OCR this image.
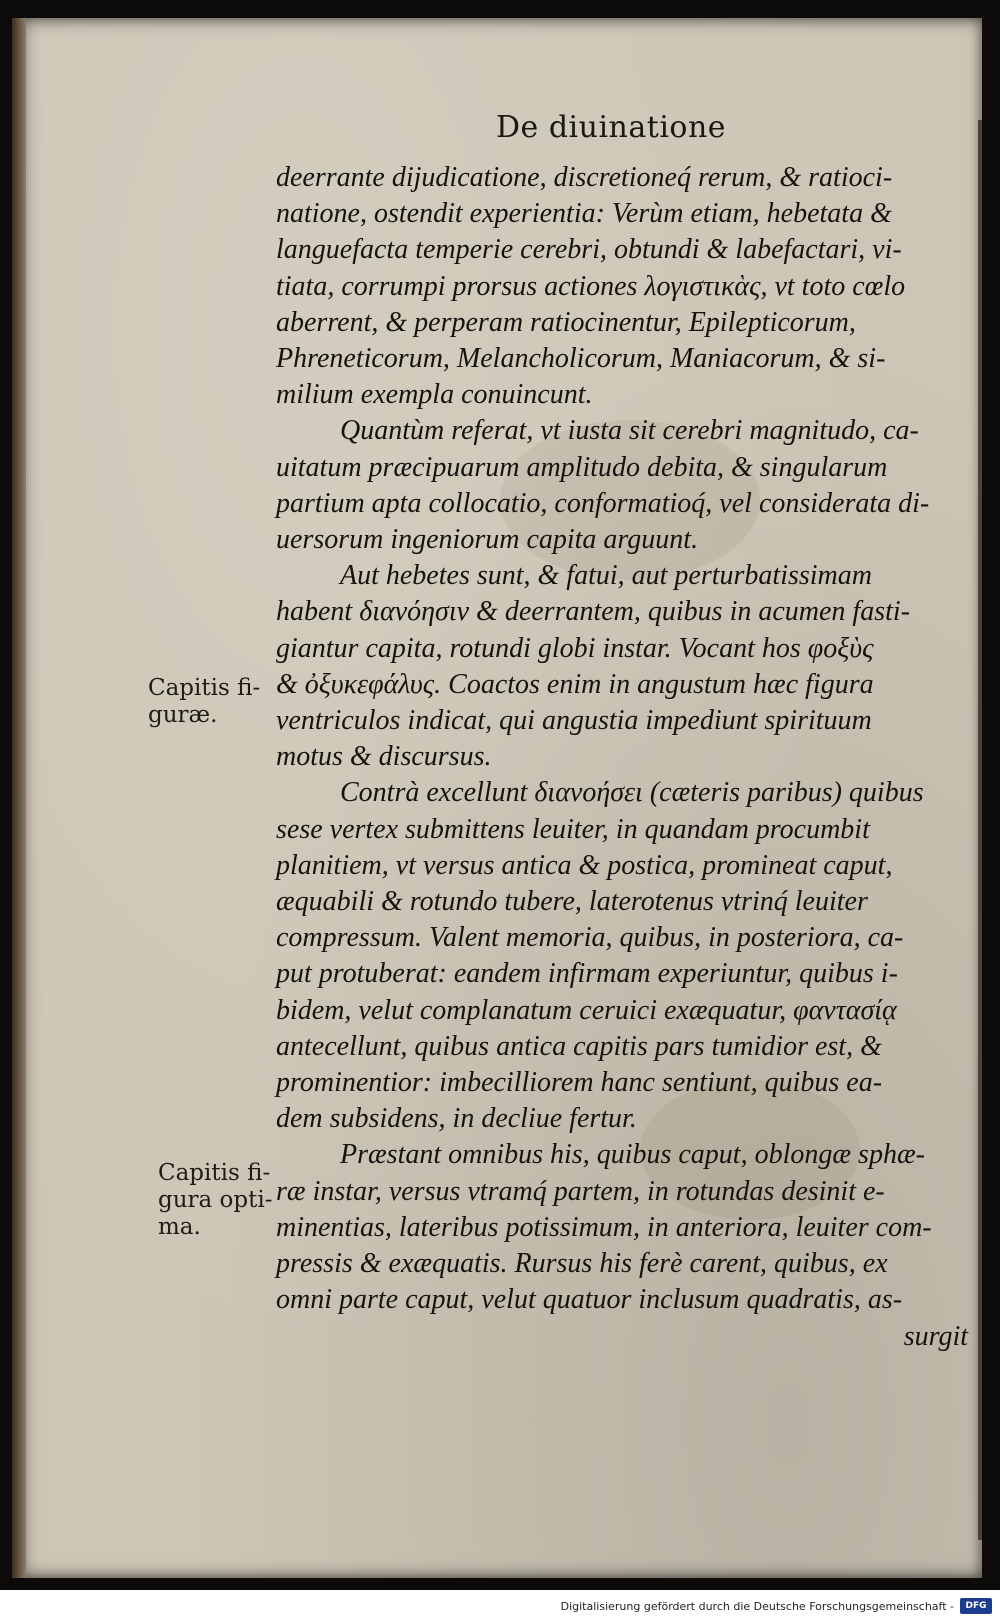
De diuinatione
deerrante dijudicatione, discretioneq́ rerum, & ratioci-
natione, ostendit experientia: Verùm etiam, hebetata &
languefacta temperie cerebri, obtundi & labefactari, vi-
tiata, corrumpi prorsus actiones λογιστικὰς, vt toto cœlo
aberrent, & perperam ratiocinentur, Epilepticorum,
Phreneticorum, Melancholicorum, Maniacorum, & si-
milium exempla conuincunt.
Quantùm referat, vt iusta sit cerebri magnitudo, ca-
uitatum præcipuarum amplitudo debita, & singularum
partium apta collocatio, conformatioq́, vel considerata di-
uersorum ingeniorum capita arguunt.
Aut hebetes sunt, & fatui, aut perturbatissimam
habent διανόησιν & deerrantem, quibus in acumen fasti-
giantur capita, rotundi globi instar. Vocant hos φοξὺς
& ὀξυκεφάλυς. Coactos enim in angustum hæc figura
ventriculos indicat, qui angustia impediunt spirituum
motus & discursus.
Contrà excellunt διανοήσει (cæteris paribus) quibus
sese vertex submittens leuiter, in quandam procumbit
planitiem, vt versus antica & postica, promineat caput,
æquabili & rotundo tubere, laterotenus vtrinq́ leuiter
compressum. Valent memoria, quibus, in posteriora, ca-
put protuberat: eandem infirmam experiuntur, quibus i-
bidem, velut complanatum ceruici exæquatur, φαντασίᾳ
antecellunt, quibus antica capitis pars tumidior est, &
prominentior: imbecilliorem hanc sentiunt, quibus ea-
dem subsidens, in decliue fertur.
Præstant omnibus his, quibus caput, oblongæ sphæ-
ræ instar, versus vtramq́ partem, in rotundas desinit e-
minentias, lateribus potissimum, in anteriora, leuiter com-
pressis & exæquatis. Rursus his ferè carent, quibus, ex
omni parte caput, velut quatuor inclusum quadratis, as-
surgit
Capitis fi-
guræ.
Capitis fi-
gura opti-
ma.
Digitalisierung gefördert durch die Deutsche Forschungsgemeinschaft -	DFG
